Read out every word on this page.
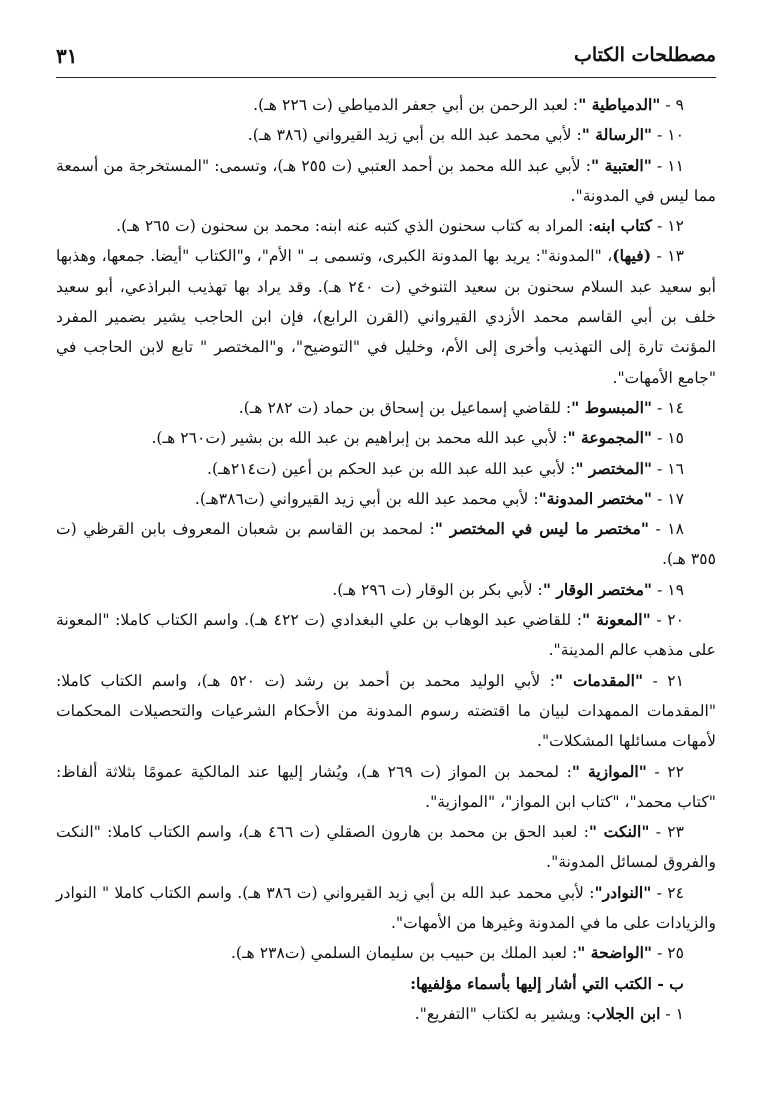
مصطلحات الكتاب
٣١

٩ - "الدمياطية ": لعبد الرحمن بن أبي جعفر الدمياطي (ت ٢٢٦ هـ).

١٠ - "الرسالة ": لأبي محمد عبد الله بن أبي زيد القيرواني (٣٨٦ هـ).

١١ - "العتبية ": لأبي عبد الله محمد بن أحمد العتبي (ت ٢٥٥ هـ)، وتسمى: "المستخرجة من أسمعة مما ليس في المدونة".

١٢ - كتاب ابنه: المراد به كتاب سحنون الذي كتبه عنه ابنه: محمد بن سحنون (ت ٢٦٥ هـ).

١٣ - (فيها)، "المدونة": يريد بها المدونة الكبرى، وتسمى بـ " الأم"، و"الكتاب "أيضا. جمعها، وهذبها أبو سعيد عبد السلام سحنون بن سعيد التنوخي (ت ٢٤٠ هـ). وقد يراد بها تهذيب البراذعي، أبو سعيد خلف بن أبي القاسم محمد الأزدي القيرواني (القرن الرابع)، فإن ابن الحاجب يشير بضمير المفرد المؤنث تارة إلى التهذيب وأخرى إلى الأم، وخليل في "التوضيح"، و"المختصر " تابع لابن الحاجب في "جامع الأمهات".

١٤ - "المبسوط ": للقاضي إسماعيل بن إسحاق بن حماد (ت ٢٨٢ هـ).

١٥ - "المجموعة ": لأبي عبد الله محمد بن إبراهيم بن عبد الله بن بشير (ت٢٦٠ هـ).

١٦ - "المختصر ": لأبي عبد الله عبد الله بن عبد الحكم بن أعين (ت٢١٤هـ).

١٧ - "مختصر المدونة": لأبي محمد عبد الله بن أبي زيد القيرواني (ت٣٨٦هـ).

١٨ - "مختصر ما ليس في المختصر ": لمحمد بن القاسم بن شعبان المعروف بابن القرظي (ت ٣٥٥ هـ).

١٩ - "مختصر الوقار ": لأبي بكر بن الوقار (ت ٢٩٦ هـ).

٢٠ - "المعونة ": للقاضي عبد الوهاب بن علي البغدادي (ت ٤٢٢ هـ). واسم الكتاب كاملا: "المعونة على مذهب عالم المدينة".

٢١ - "المقدمات ": لأبي الوليد محمد بن أحمد بن رشد (ت ٥٢٠ هـ)، واسم الكتاب كاملا: "المقدمات الممهدات لبيان ما اقتضته رسوم المدونة من الأحكام الشرعيات والتحصيلات المحكمات لأمهات مسائلها المشكلات".

٢٢ - "الموازية ": لمحمد بن المواز (ت ٢٦٩ هـ)، ويُشار إليها عند المالكية عمومًا بثلاثة ألفاظ: "كتاب محمد"، "كتاب ابن المواز"، "الموازية".

٢٣ - "النكت ": لعبد الحق بن محمد بن هارون الصقلي (ت ٤٦٦ هـ)، واسم الكتاب كاملا: "النكت والفروق لمسائل المدونة".

٢٤ - "النوادر": لأبي محمد عبد الله بن أبي زيد القيرواني (ت ٣٨٦ هـ). واسم الكتاب كاملا " النوادر والزيادات على ما في المدونة وغيرها من الأمهات".

٢٥ - "الواضحة ": لعبد الملك بن حبيب بن سليمان السلمي (ت٢٣٨ هـ).

ب - الكتب التي أشار إليها بأسماء مؤلفيها:

١ - ابن الجلاب: ويشير به لكتاب "التفريع".
